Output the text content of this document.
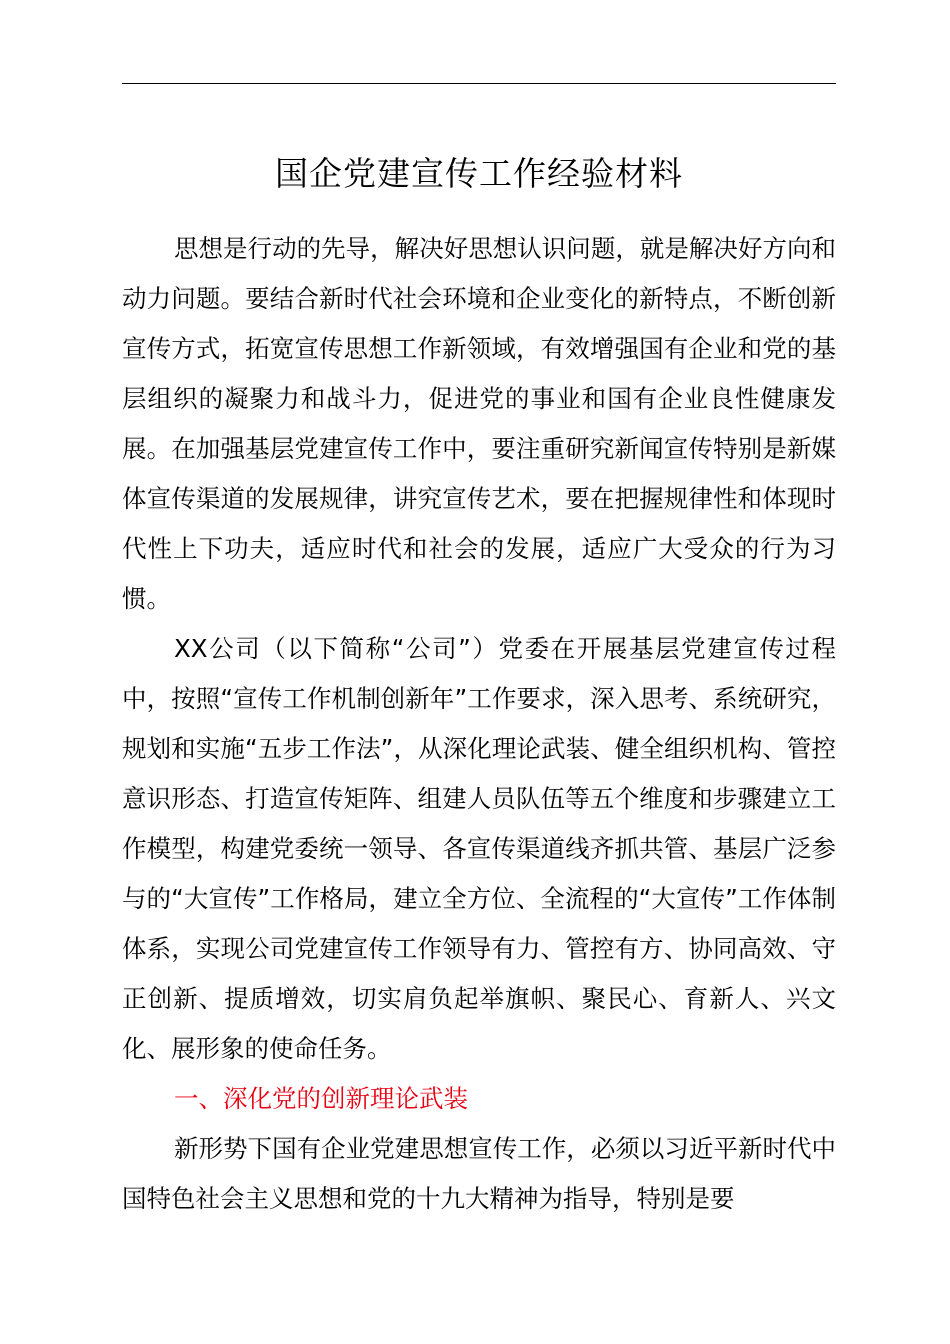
国企党建宣传工作经验材料

思想是行动的先导，解决好思想认识问题，就是解决好方向和动力问题。要结合新时代社会环境和企业变化的新特点，不断创新宣传方式，拓宽宣传思想工作新领域，有效增强国有企业和党的基层组织的凝聚力和战斗力，促进党的事业和国有企业良性健康发展。在加强基层党建宣传工作中，要注重研究新闻宣传特别是新媒体宣传渠道的发展规律，讲究宣传艺术，要在把握规律性和体现时代性上下功夫，适应时代和社会的发展，适应广大受众的行为习惯。

XX公司（以下简称“公司”）党委在开展基层党建宣传过程中，按照“宣传工作机制创新年”工作要求，深入思考、系统研究，规划和实施“五步工作法”，从深化理论武装、健全组织机构、管控意识形态、打造宣传矩阵、组建人员队伍等五个维度和步骤建立工作模型，构建党委统一领导、各宣传渠道线齐抓共管、基层广泛参与的“大宣传”工作格局，建立全方位、全流程的“大宣传”工作体制体系，实现公司党建宣传工作领导有力、管控有方、协同高效、守正创新、提质增效，切实肩负起举旗帜、聚民心、育新人、兴文化、展形象的使命任务。

一、深化党的创新理论武装

新形势下国有企业党建思想宣传工作，必须以习近平新时代中国特色社会主义思想和党的十九大精神为指导，特别是要
